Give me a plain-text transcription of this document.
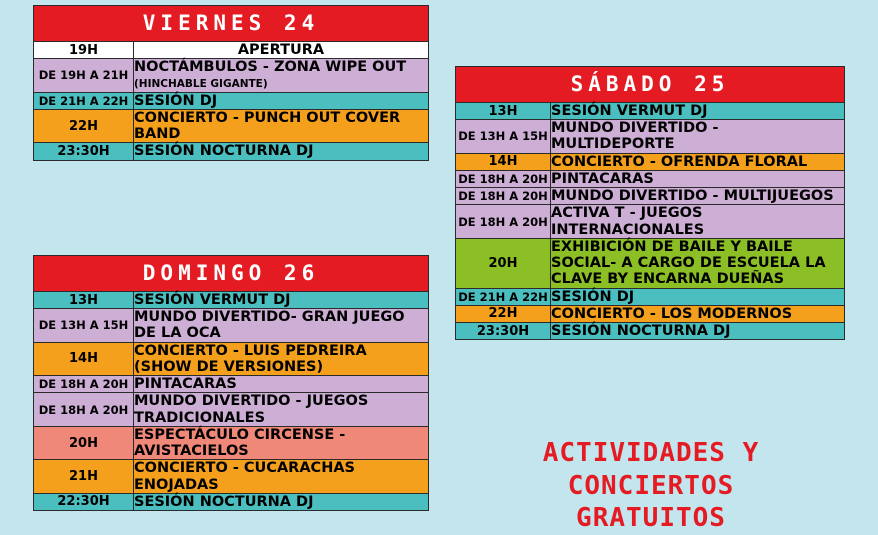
VIERNES 24	
19H	APERTURA
DE 19H A 21H	NOCTÁMBULOS - ZONA WIPE OUT (HINCHABLE GIGANTE)
DE 21H A 22H	SESIÓN DJ
22H	CONCIERTO - PUNCH OUT COVER BAND
23:30H	SESIÓN NOCTURNA DJ
DOMINGO 26	
13H	SESIÓN VERMUT DJ
DE 13H A 15H	MUNDO DIVERTIDO- GRAN JUEGO DE LA OCA
14H	CONCIERTO - LUIS PEDREIRA (SHOW DE VERSIONES)
DE 18H A 20H	PINTACARAS
DE 18H A 20H	MUNDO DIVERTIDO - JUEGOS TRADICIONALES
20H	ESPECTÁCULO CIRCENSE - AVISTACIELOS
21H	CONCIERTO - CUCARACHAS ENOJADAS
22:30H	SESIÓN NOCTURNA DJ
SÁBADO 25	
13H	SESIÓN VERMUT DJ
DE 13H A 15H	MUNDO DIVERTIDO - MULTIDEPORTE
14H	CONCIERTO - OFRENDA FLORAL
DE 18H A 20H	PINTACARAS
DE 18H A 20H	MUNDO DIVERTIDO - MULTIJUEGOS
DE 18H A 20H	ACTIVA T - JUEGOS INTERNACIONALES
20H	EXHIBICIÓN DE BAILE Y BAILE SOCIAL- A CARGO DE ESCUELA LA CLAVE BY ENCARNA DUEÑAS
DE 21H A 22H	SESIÓN DJ
22H	CONCIERTO - LOS MODERNOS
23:30H	SESIÓN NOCTURNA DJ
ACTIVIDADES Y CONCIERTOS
GRATUITOS
